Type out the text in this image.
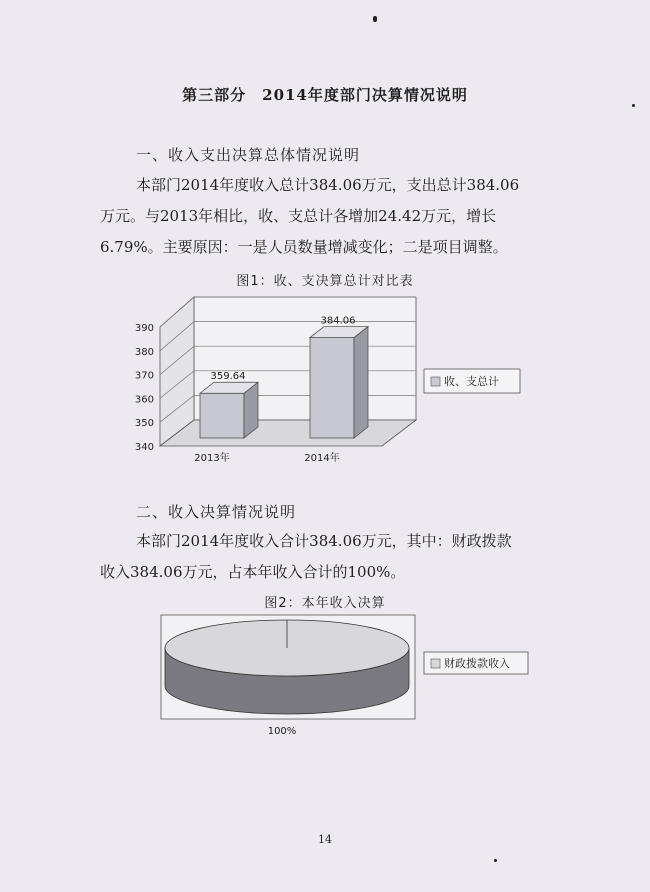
第三部分　2014年度部门决算情况说明
一、收入支出决算总体情况说明

本部门2014年度收入总计384.06万元，支出总计384.06

万元。与2013年相比，收、支总计各增加24.42万元，增长

6.79%。主要原因：一是人员数量增减变化；二是项目调整。

图1：收、支决算总计对比表
收、支总计
340
350
360
370
380
390
359.64
2013年
384.06
2014年
二、收入决算情况说明

本部门2014年度收入合计384.06万元，其中：财政拨款

收入384.06万元，占本年收入合计的100%。

图2：本年收入决算
财政拨款收入
100%
14
